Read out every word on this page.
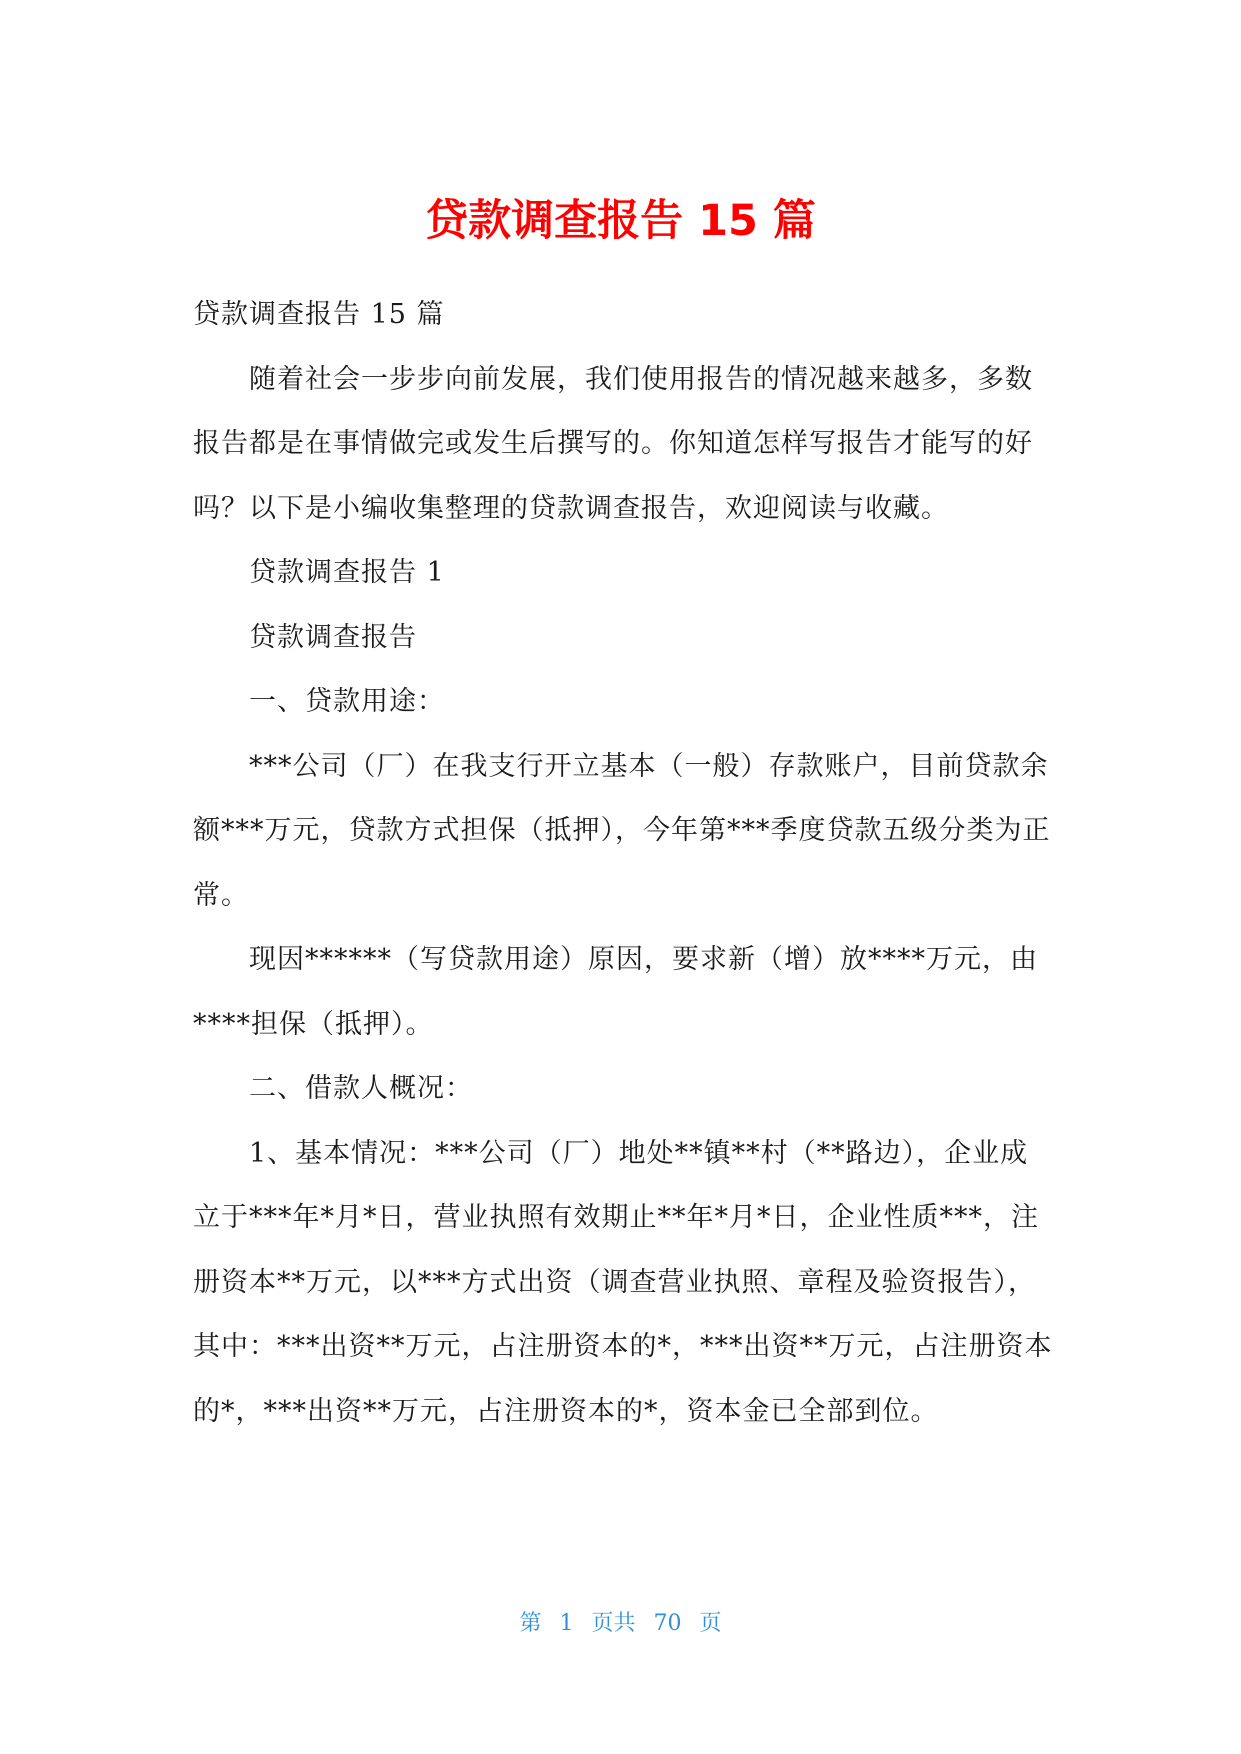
贷款调查报告 15 篇

贷款调查报告 15 篇

随着社会一步步向前发展，我们使用报告的情况越来越多，多数报告都是在事情做完或发生后撰写的。你知道怎样写报告才能写的好吗？以下是小编收集整理的贷款调查报告，欢迎阅读与收藏。

贷款调查报告 1

贷款调查报告

一、贷款用途：

***公司（厂）在我支行开立基本（一般）存款账户，目前贷款余额***万元，贷款方式担保（抵押），今年第***季度贷款五级分类为正常。

现因******（写贷款用途）原因，要求新（增）放****万元，由****担保（抵押）。

二、借款人概况：

1、基本情况：***公司（厂）地处**镇**村（**路边），企业成立于***年*月*日，营业执照有效期止**年*月*日，企业性质***，注册资本**万元，以***方式出资（调查营业执照、章程及验资报告），其中：***出资**万元，占注册资本的*，***出资**万元，占注册资本的*，***出资**万元，占注册资本的*，资本金已全部到位。

第 1 页共 70 页
